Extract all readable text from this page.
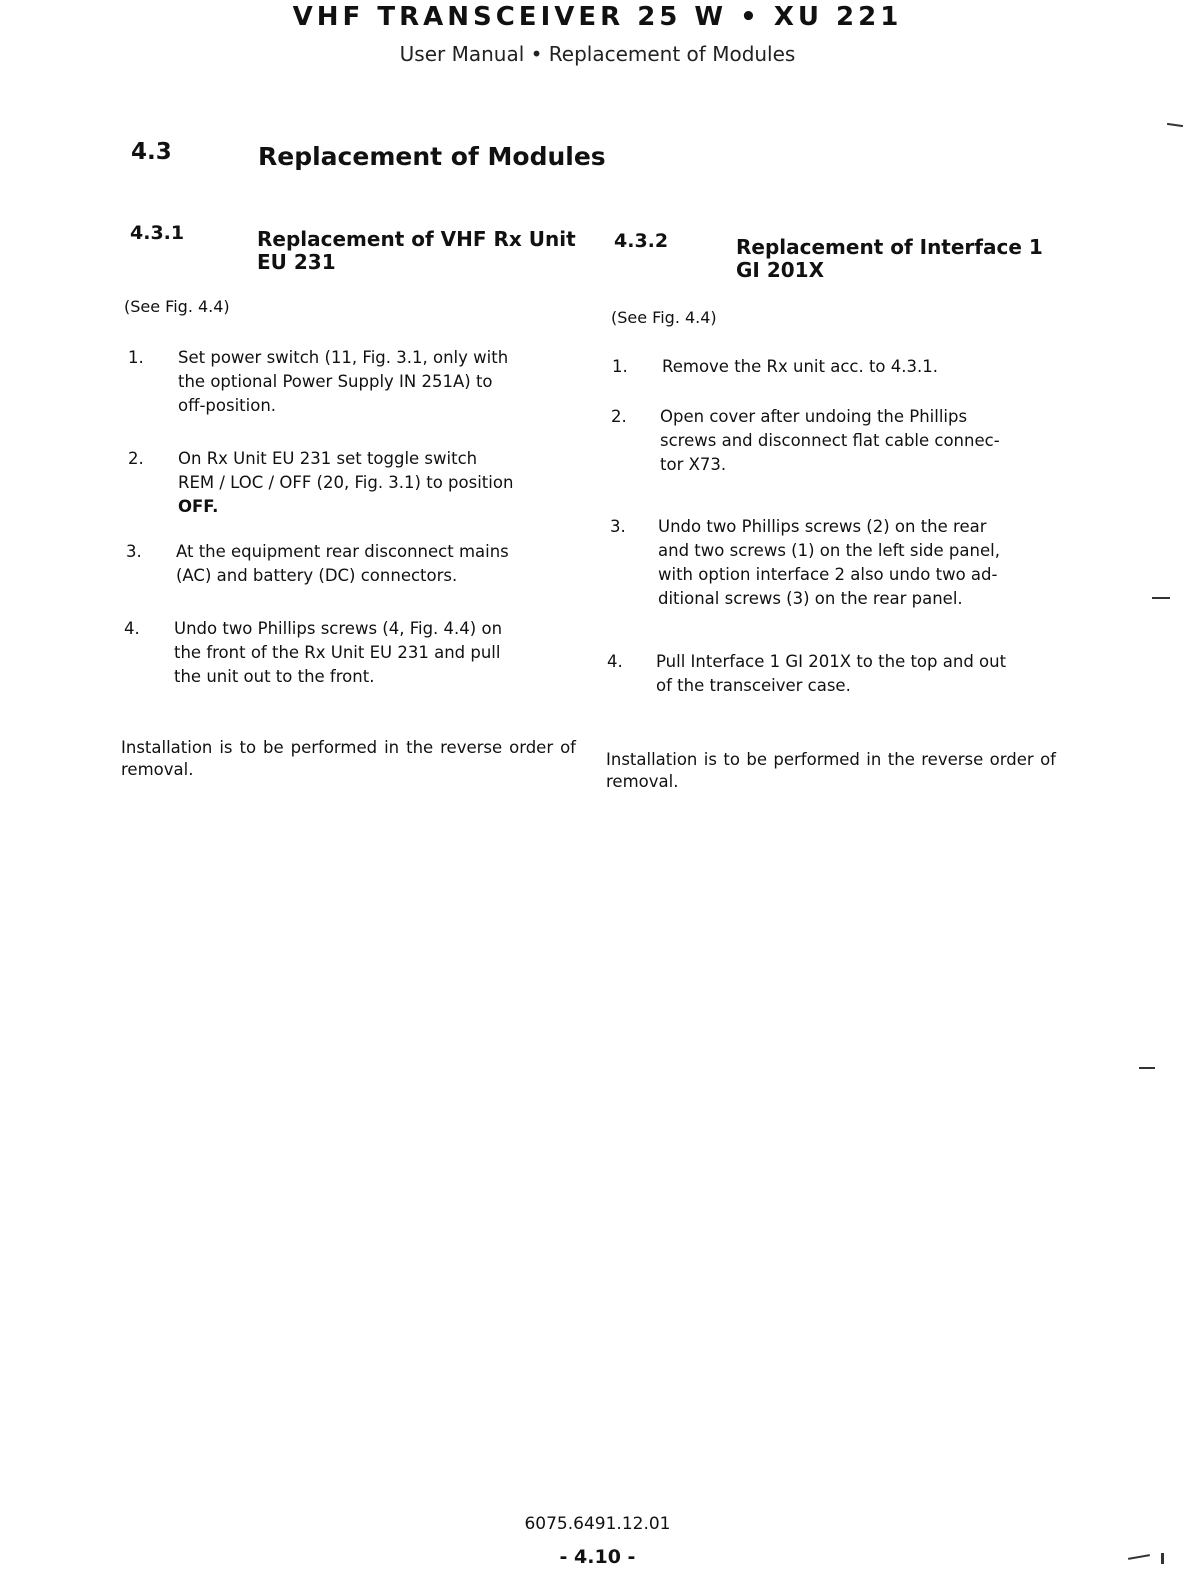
VHF TRANSCEIVER 25 W • XU 221
User Manual • Replacement of Modules
4.3	Replacement of Modules
4.3.1	Replacement of VHF Rx Unit
EU 231
(See Fig. 4.4)
1. Set power switch (11, Fig. 3.1, only with
the optional Power Supply IN 251A) to
off-position.
2. On Rx Unit EU 231 set toggle switch
REM / LOC / OFF (20, Fig. 3.1) to position
OFF.
3. At the equipment rear disconnect mains
(AC) and battery (DC) connectors.
4. Undo two Phillips screws (4, Fig. 4.4) on
the front of the Rx Unit EU 231 and pull
the unit out to the front.
Installation is to be performed in the reverse order of removal.
4.3.2	Replacement of Interface 1
GI 201X
(See Fig. 4.4)
1. Remove the Rx unit acc. to 4.3.1.
2. Open cover after undoing the Phillips
screws and disconnect flat cable connec-
tor X73.
3. Undo two Phillips screws (2) on the rear
and two screws (1) on the left side panel,
with option interface 2 also undo two ad-
ditional screws (3) on the rear panel.
4. Pull Interface 1 GI 201X to the top and out
of the transceiver case.
Installation is to be performed in the reverse order of removal.
6075.6491.12.01
- 4.10 -
